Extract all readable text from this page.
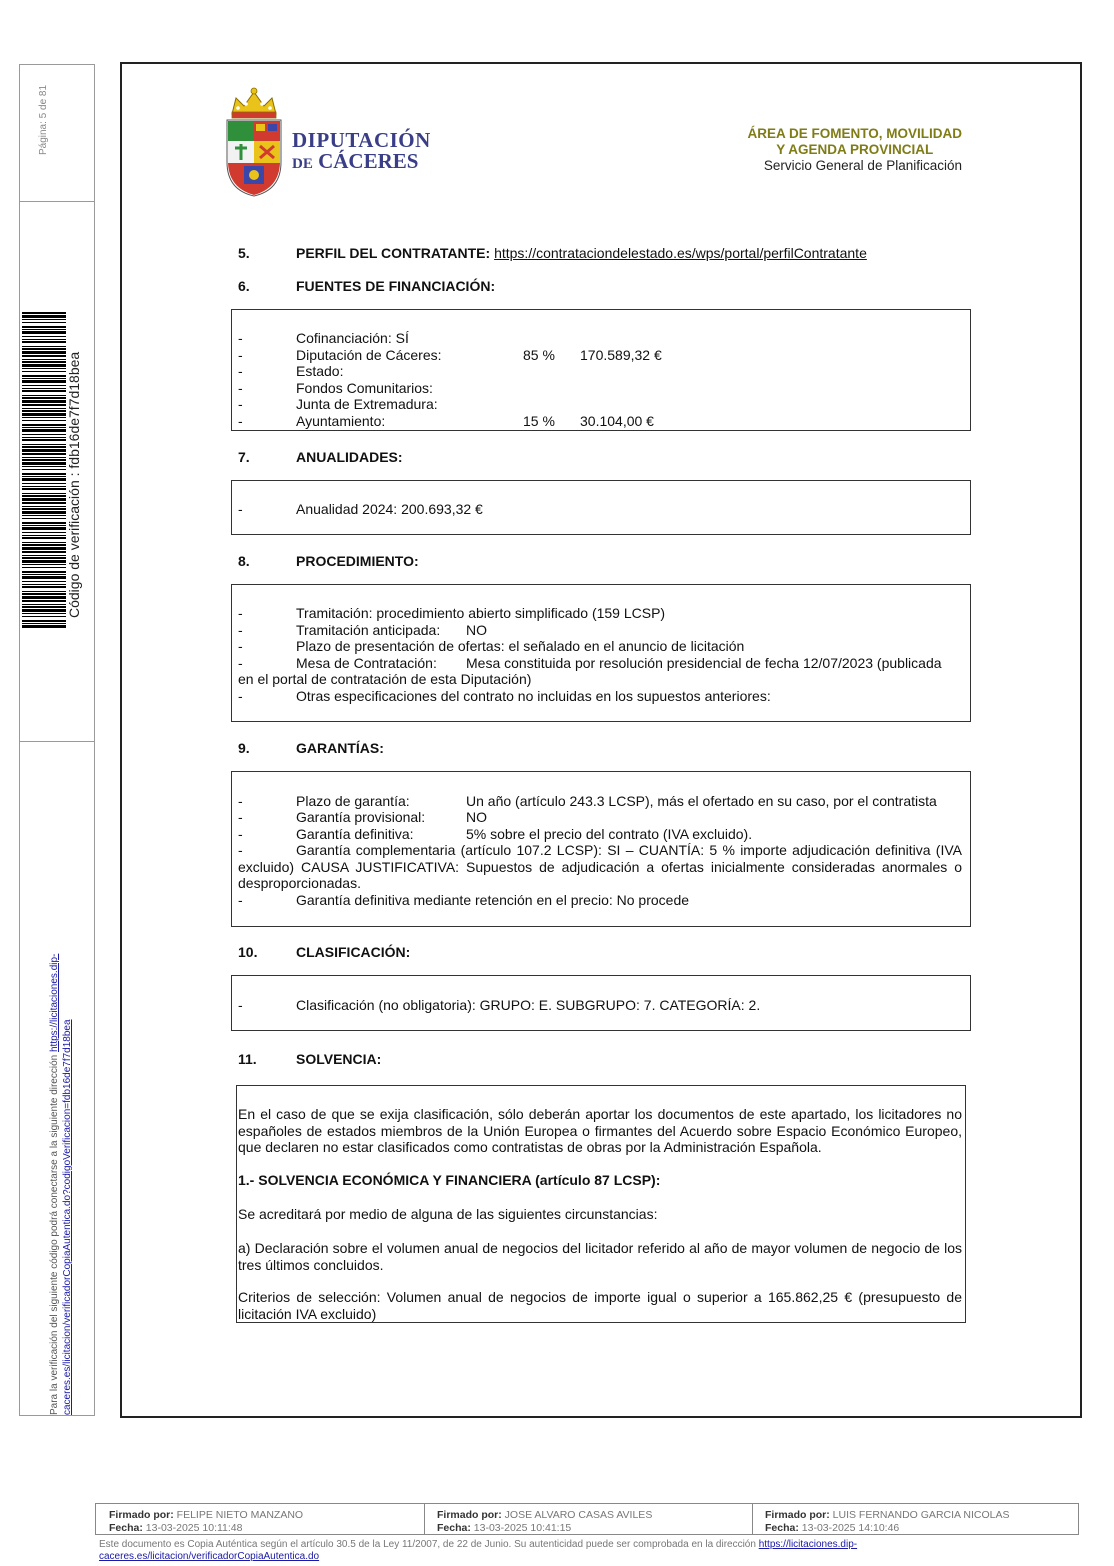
Página: 5 de 81
Código de verificación : fdb16de7f7d18bea
Para la verificación del siguiente código podrá conectarse a la siguiente dirección https://licitaciones.dip-
caceres.es/licitacion/verificadorCopiaAutentica.do?codigoVerificacion=fdb16de7f7d18bea
DIPUTACIÓN
DE CÁCERES
ÁREA DE FOMENTO, MOVILIDAD
Y AGENDA PROVINCIAL
Servicio General de Planificación
5.	PERFIL DEL CONTRATANTE: https://contrataciondelestado.es/wps/portal/perfilContratante
6.	FUENTES DE FINANCIACIÓN:
-	Cofinanciación: SÍ
-	Diputación de Cáceres:	85 % 170.589,32 €
-	Estado:
-	Fondos Comunitarios:
-	Junta de Extremadura:
-	Ayuntamiento:	15 % 30.104,00 €
7.	ANUALIDADES:
-	Anualidad 2024: 200.693,32 €
8.	PROCEDIMIENTO:
-	Tramitación: procedimiento abierto simplificado (159 LCSP)
-	Tramitación anticipada: NO
-	Plazo de presentación de ofertas: el señalado en el anuncio de licitación
-	Mesa de Contratación: Mesa constituida por resolución presidencial de fecha 12/07/2023 (publicada
en el portal de contratación de esta Diputación)
-	Otras especificaciones del contrato no incluidas en los supuestos anteriores:
9.	GARANTÍAS:
-	Plazo de garantía:	Un año (artículo 243.3 LCSP), más el ofertado en su caso, por el contratista
-	Garantía provisional:	NO
-	Garantía definitiva:	5% sobre el precio del contrato (IVA excluido).
-	Garantía complementaria (artículo 107.2 LCSP): SI – CUANTÍA: 5 % importe adjudicación definitiva (IVA excluido) CAUSA JUSTIFICATIVA: Supuestos de adjudicación a ofertas inicialmente consideradas anormales o desproporcionadas.
-	Garantía definitiva mediante retención en el precio: No procede
10.	CLASIFICACIÓN:
-	Clasificación (no obligatoria): GRUPO: E. SUBGRUPO: 7. CATEGORÍA: 2.
11.	SOLVENCIA:
En el caso de que se exija clasificación, sólo deberán aportar los documentos de este apartado, los licitadores no españoles de estados miembros de la Unión Europea o firmantes del Acuerdo sobre Espacio Económico Europeo, que declaren no estar clasificados como contratistas de obras por la Administración Española.
1.- SOLVENCIA ECONÓMICA Y FINANCIERA (artículo 87 LCSP):
Se acreditará por medio de alguna de las siguientes circunstancias:
a) Declaración sobre el volumen anual de negocios del licitador referido al año de mayor volumen de negocio de los tres últimos concluidos.
Criterios de selección: Volumen anual de negocios de importe igual o superior a 165.862,25 € (presupuesto de licitación IVA excluido)
Firmado por: FELIPE NIETO MANZANO
Fecha: 13-03-2025 10:11:48
Firmado por: JOSE ALVARO CASAS AVILES
Fecha: 13-03-2025 10:41:15
Firmado por: LUIS FERNANDO GARCIA NICOLAS
Fecha: 13-03-2025 14:10:46
Este documento es Copia Auténtica según el artículo 30.5 de la Ley 11/2007, de 22 de Junio. Su autenticidad puede ser comprobada en la dirección https://licitaciones.dip-caceres.es/licitacion/verificadorCopiaAutentica.do
